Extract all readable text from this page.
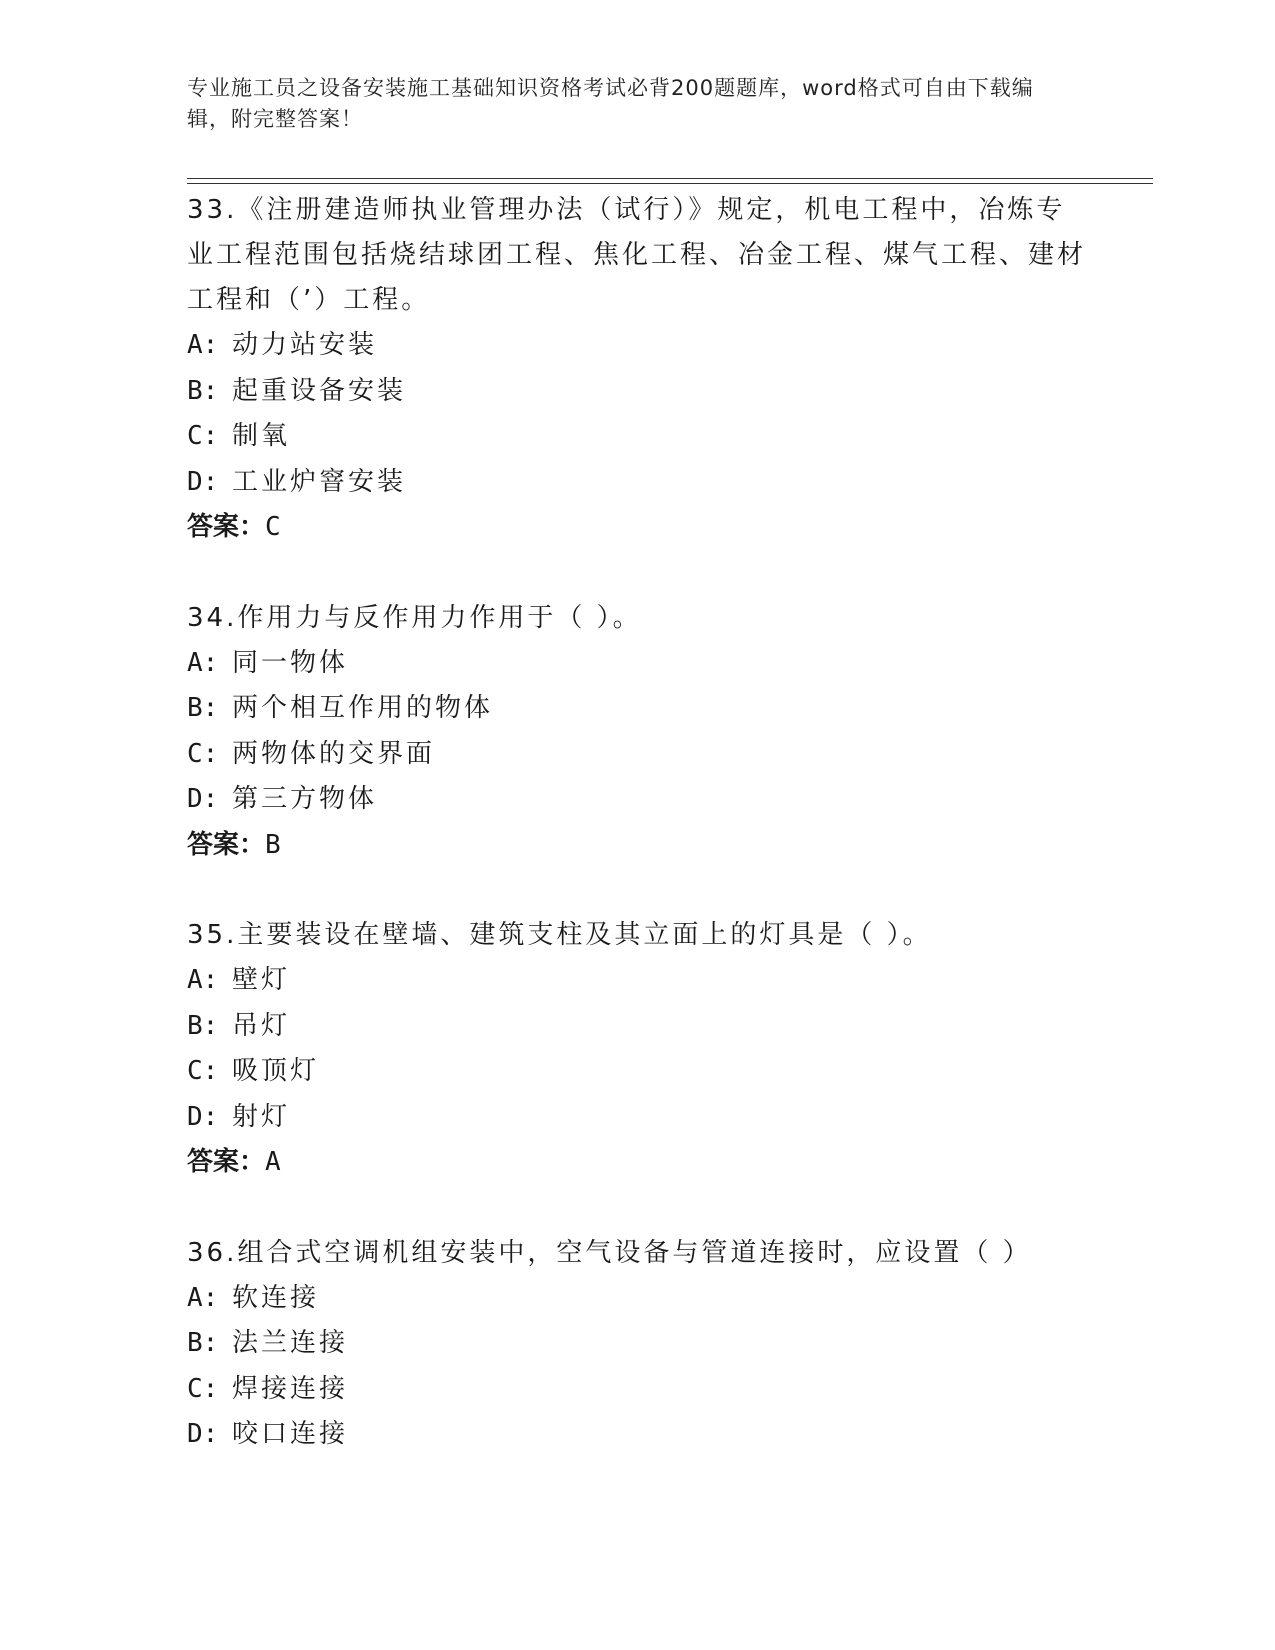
专业施工员之设备安装施工基础知识资格考试必背200题题库，word格式可自由下载编辑，附完整答案！

33.《注册建造师执业管理办法（试行）》规定，机电工程中，冶炼专业工程范围包括烧结球团工程、焦化工程、冶金工程、煤气工程、建材工程和（’）工程。

A: 动力站安装

B: 起重设备安装

C: 制氧

D: 工业炉窨安装

答案：C

34.作用力与反作用力作用于（ ）。

A: 同一物体

B: 两个相互作用的物体

C: 两物体的交界面

D: 第三方物体

答案：B

35.主要装设在壁墙、建筑支柱及其立面上的灯具是（ ）。

A: 壁灯

B: 吊灯

C: 吸顶灯

D: 射灯

答案：A

36.组合式空调机组安装中，空气设备与管道连接时，应设置（ ）

A: 软连接

B: 法兰连接

C: 焊接连接

D: 咬口连接
